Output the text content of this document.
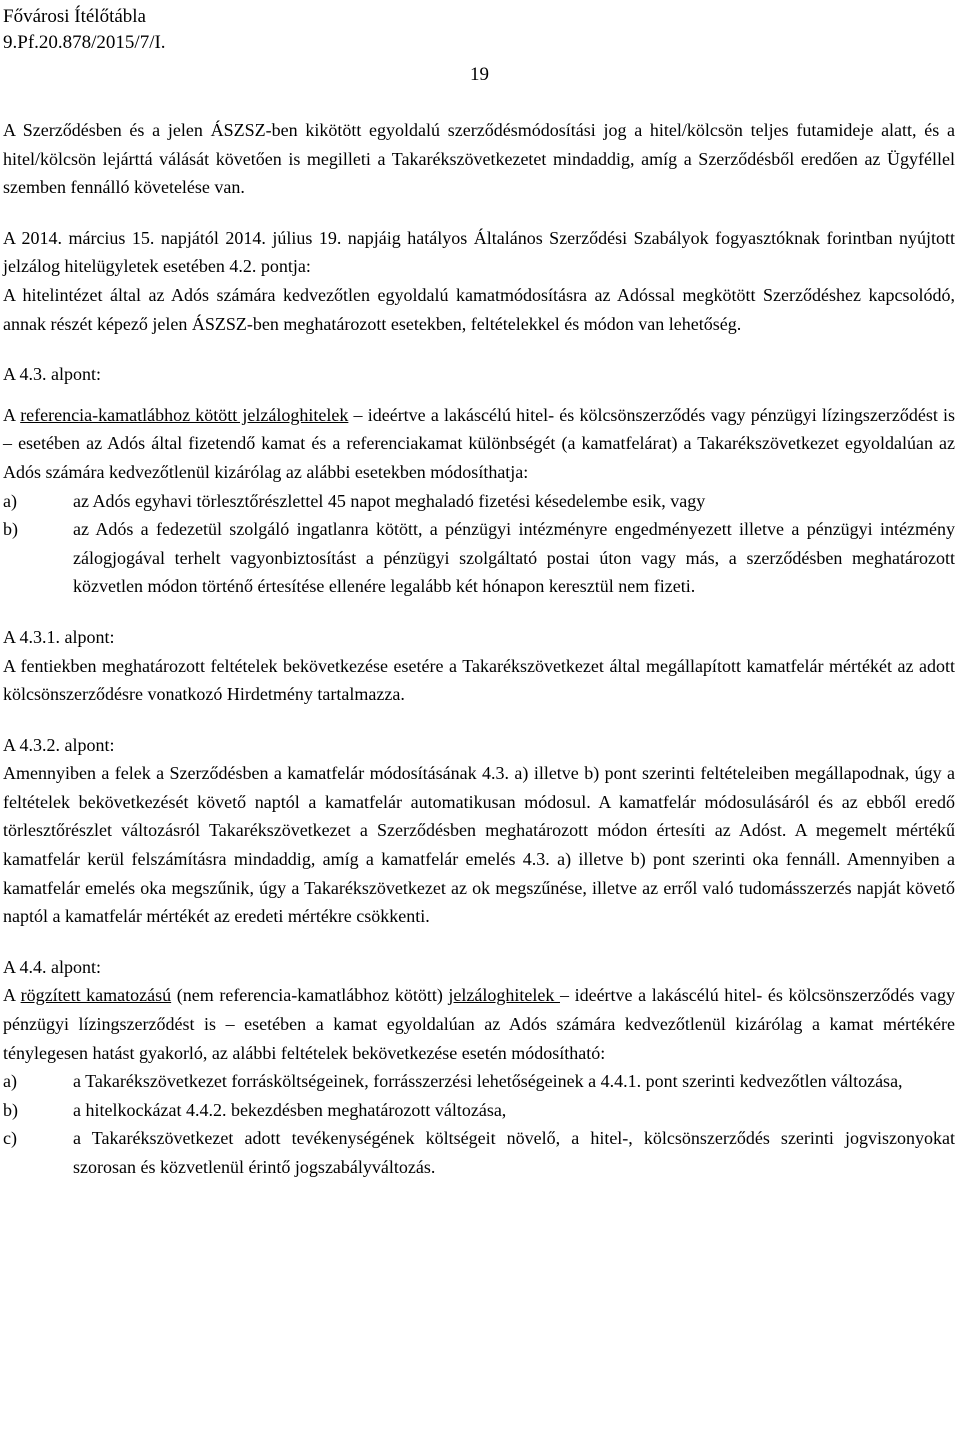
Fővárosi Ítélőtábla
9.Pf.20.878/2015/7/I.
19

A Szerződésben és a jelen ÁSZSZ-ben kikötött egyoldalú szerződésmódosítási jog a hitel/kölcsön teljes futamideje alatt, és a hitel/kölcsön lejárttá válását követően is megilleti a Takarékszövetkezetet mindaddig, amíg a Szerződésből eredően az Ügyféllel szemben fennálló követelése van.

A 2014. március 15. napjától 2014. július 19. napjáig hatályos Általános Szerződési Szabályok fogyasztóknak forintban nyújtott jelzálog hitelügyletek esetében 4.2. pontja:

A hitelintézet által az Adós számára kedvezőtlen egyoldalú kamatmódosításra az Adóssal megkötött Szerződéshez kapcsolódó, annak részét képező jelen ÁSZSZ-ben meghatározott esetekben, feltételekkel és módon van lehetőség.

A 4.3. alpont:

A referencia-kamatlábhoz kötött jelzáloghitelek – ideértve a lakáscélú hitel- és kölcsönszerződés vagy pénzügyi lízingszerződést is – esetében az Adós által fizetendő kamat és a referenciakamat különbségét (a kamatfelárat) a Takarékszövetkezet egyoldalúan az Adós számára kedvezőtlenül kizárólag az alábbi esetekben módosíthatja:

a)	az Adós egyhavi törlesztőrészlettel 45 napot meghaladó fizetési késedelembe esik, vagy
b)	az Adós a fedezetül szolgáló ingatlanra kötött, a pénzügyi intézményre engedményezett illetve a pénzügyi intézmény zálogjogával terhelt vagyonbiztosítást a pénzügyi szolgáltató postai úton vagy más, a szerződésben meghatározott közvetlen módon történő értesítése ellenére legalább két hónapon keresztül nem fizeti.

A 4.3.1. alpont:

A fentiekben meghatározott feltételek bekövetkezése esetére a Takarékszövetkezet által megállapított kamatfelár mértékét az adott kölcsönszerződésre vonatkozó Hirdetmény tartalmazza.

A 4.3.2. alpont:

Amennyiben a felek a Szerződésben a kamatfelár módosításának 4.3. a) illetve b) pont szerinti feltételeiben megállapodnak, úgy a feltételek bekövetkezését követő naptól a kamatfelár automatikusan módosul. A kamatfelár módosulásáról és az ebből eredő törlesztőrészlet változásról Takarékszövetkezet a Szerződésben meghatározott módon értesíti az Adóst. A megemelt mértékű kamatfelár kerül felszámításra mindaddig, amíg a kamatfelár emelés 4.3. a) illetve b) pont szerinti oka fennáll. Amennyiben a kamatfelár emelés oka megszűnik, úgy a Takarékszövetkezet az ok megszűnése, illetve az erről való tudomásszerzés napját követő naptól a kamatfelár mértékét az eredeti mértékre csökkenti.

A 4.4. alpont:

A rögzített kamatozású (nem referencia-kamatlábhoz kötött) jelzáloghitelek – ideértve a lakáscélú hitel- és kölcsönszerződés vagy pénzügyi lízingszerződést is – esetében a kamat egyoldalúan az Adós számára kedvezőtlenül kizárólag a kamat mértékére ténylegesen hatást gyakorló, az alábbi feltételek bekövetkezése esetén módosítható:

a)	a Takarékszövetkezet forrásköltségeinek, forrásszerzési lehetőségeinek a 4.4.1. pont szerinti kedvezőtlen változása,
b)	a hitelkockázat 4.4.2. bekezdésben meghatározott változása,
c)	a Takarékszövetkezet adott tevékenységének költségeit növelő, a hitel-, kölcsönszerződés szerinti jogviszonyokat szorosan és közvetlenül érintő jogszabályváltozás.
